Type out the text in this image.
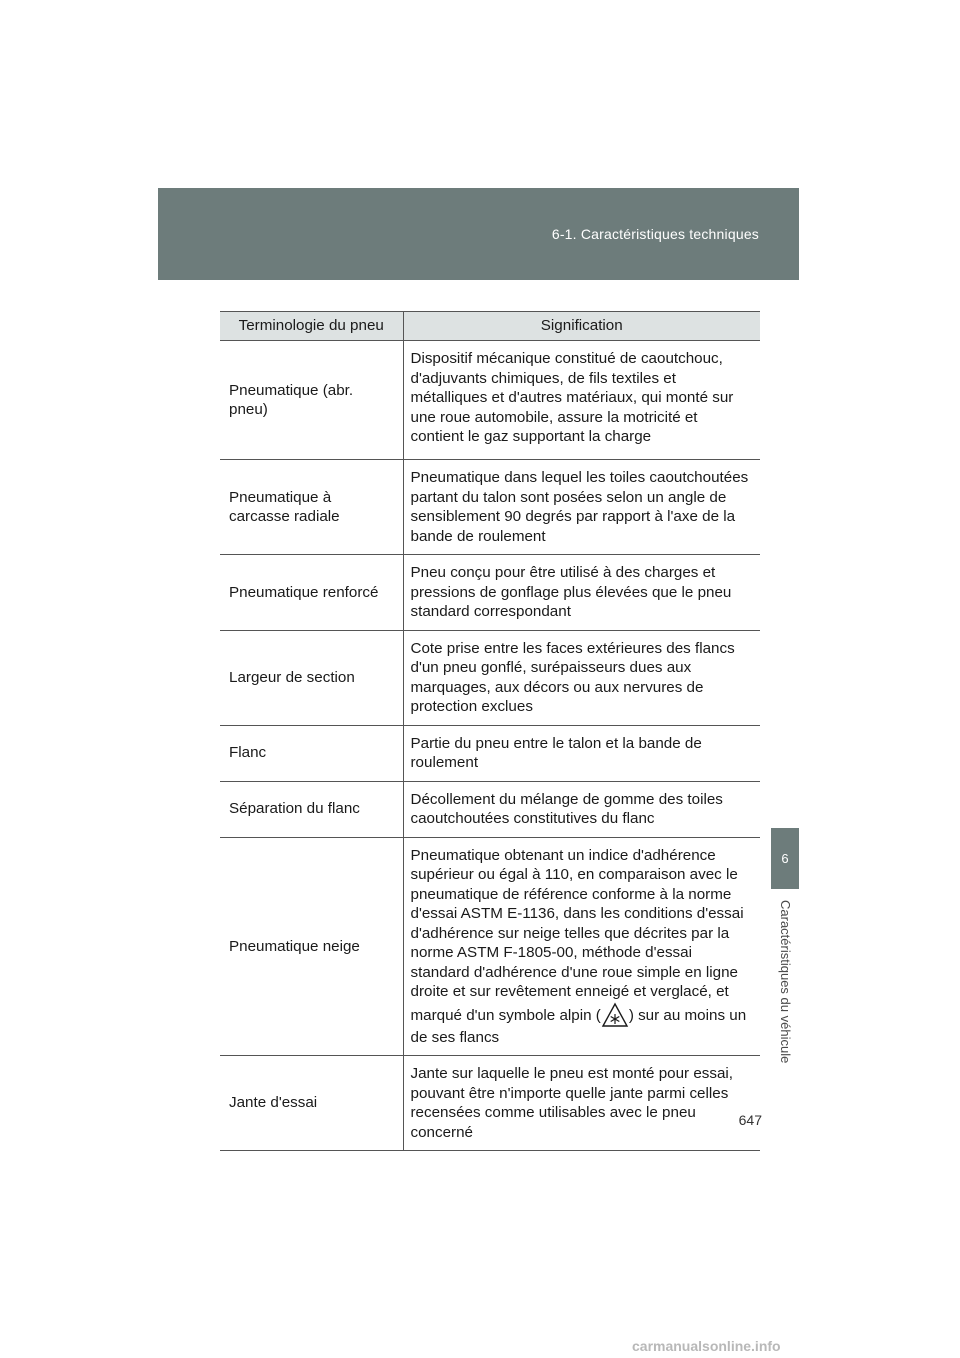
6-1. Caractéristiques techniques
6
Caractéristiques du véhicule
Terminologie du pneu	Signification
Pneumatique (abr. pneu)	Dispositif mécanique constitué de caoutchouc, d'adjuvants chimiques, de fils textiles et métalliques et d'autres matériaux, qui monté sur une roue automobile, assure la motricité et contient le gaz supportant la charge
Pneumatique à carcasse radiale	Pneumatique dans lequel les toiles caoutchoutées partant du talon sont posées selon un angle de sensiblement 90 degrés par rapport à l'axe de la bande de roulement
Pneumatique renforcé	Pneu conçu pour être utilisé à des charges et pressions de gonflage plus élevées que le pneu standard correspondant
Largeur de section	Cote prise entre les faces extérieures des flancs d'un pneu gonflé, surépaisseurs dues aux marquages, aux décors ou aux nervures de protection exclues
Flanc	Partie du pneu entre le talon et la bande de roulement
Séparation du flanc	Décollement du mélange de gomme des toiles caoutchoutées constitutives du flanc
Pneumatique neige	Pneumatique obtenant un indice d'adhérence supérieur ou égal à 110, en comparaison avec le pneumatique de référence conforme à la norme d'essai ASTM E-1136, dans les conditions d'essai d'adhérence sur neige telles que décrites par la norme ASTM F-1805-00, méthode d'essai standard d'adhérence d'une roue simple en ligne droite et sur revêtement enneigé et verglacé, et marqué d'un symbole alpin ( ) sur au moins un de ses flancs
Jante d'essai	Jante sur laquelle le pneu est monté pour essai, pouvant être n'importe quelle jante parmi celles recensées comme utilisables avec le pneu concerné
647
carmanualsonline.info
